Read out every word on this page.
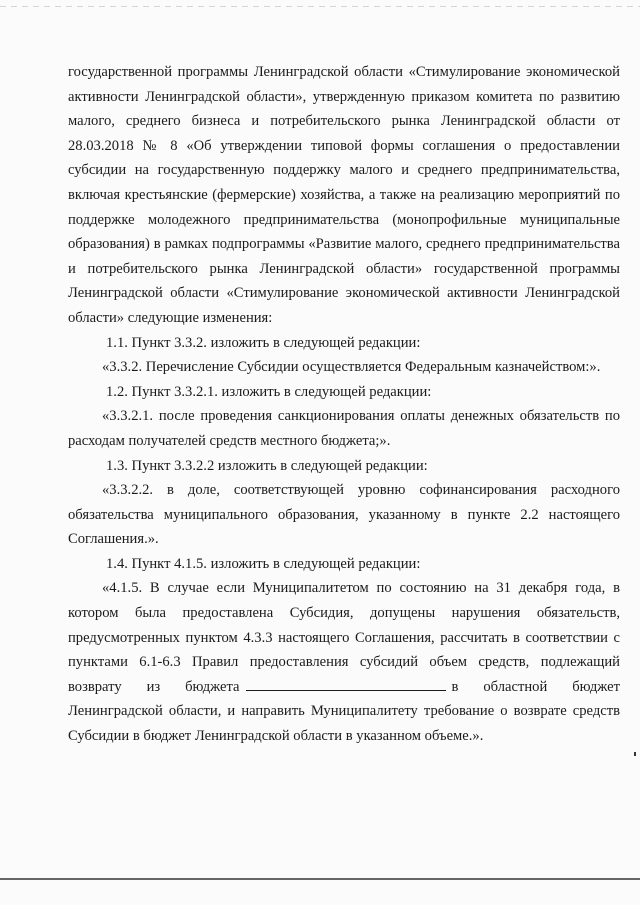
государственной программы Ленинградской области «Стимулирование экономической активности Ленинградской области», утвержденную приказом комитета по развитию малого, среднего бизнеса и потребительского рынка Ленинградской области от 28.03.2018 № 8 «Об утверждении типовой формы соглашения о предоставлении субсидии на государственную поддержку малого и среднего предпринимательства, включая крестьянские (фермерские) хозяйства, а также на реализацию мероприятий по поддержке молодежного предпринимательства (монопрофильные муниципальные образования) в рамках подпрограммы «Развитие малого, среднего предпринимательства и потребительского рынка Ленинградской области» государственной программы Ленинградской области «Стимулирование экономической активности Ленинградской области» следующие изменения:

1.1. Пункт 3.3.2. изложить в следующей редакции:

«3.3.2. Перечисление Субсидии осуществляется Федеральным казначейством:».

1.2. Пункт 3.3.2.1. изложить в следующей редакции:

«3.3.2.1. после проведения санкционирования оплаты денежных обязательств по расходам получателей средств местного бюджета;».

1.3. Пункт 3.3.2.2 изложить в следующей редакции:

«3.3.2.2. в доле, соответствующей уровню софинансирования расходного обязательства муниципального образования, указанному в пункте 2.2 настоящего Соглашения.».

1.4. Пункт 4.1.5. изложить в следующей редакции:

«4.1.5. В случае если Муниципалитетом по состоянию на 31 декабря года, в котором была предоставлена Субсидия, допущены нарушения обязательств, предусмотренных пунктом 4.3.3 настоящего Соглашения, рассчитать в соответствии с пунктами 6.1-6.3 Правил предоставления субсидий объем средств, подлежащий возврату из бюджета	в областной бюджет Ленинградской области, и направить Муниципалитету требование о возврате средств Субсидии в бюджет Ленинградской области в указанном объеме.».
